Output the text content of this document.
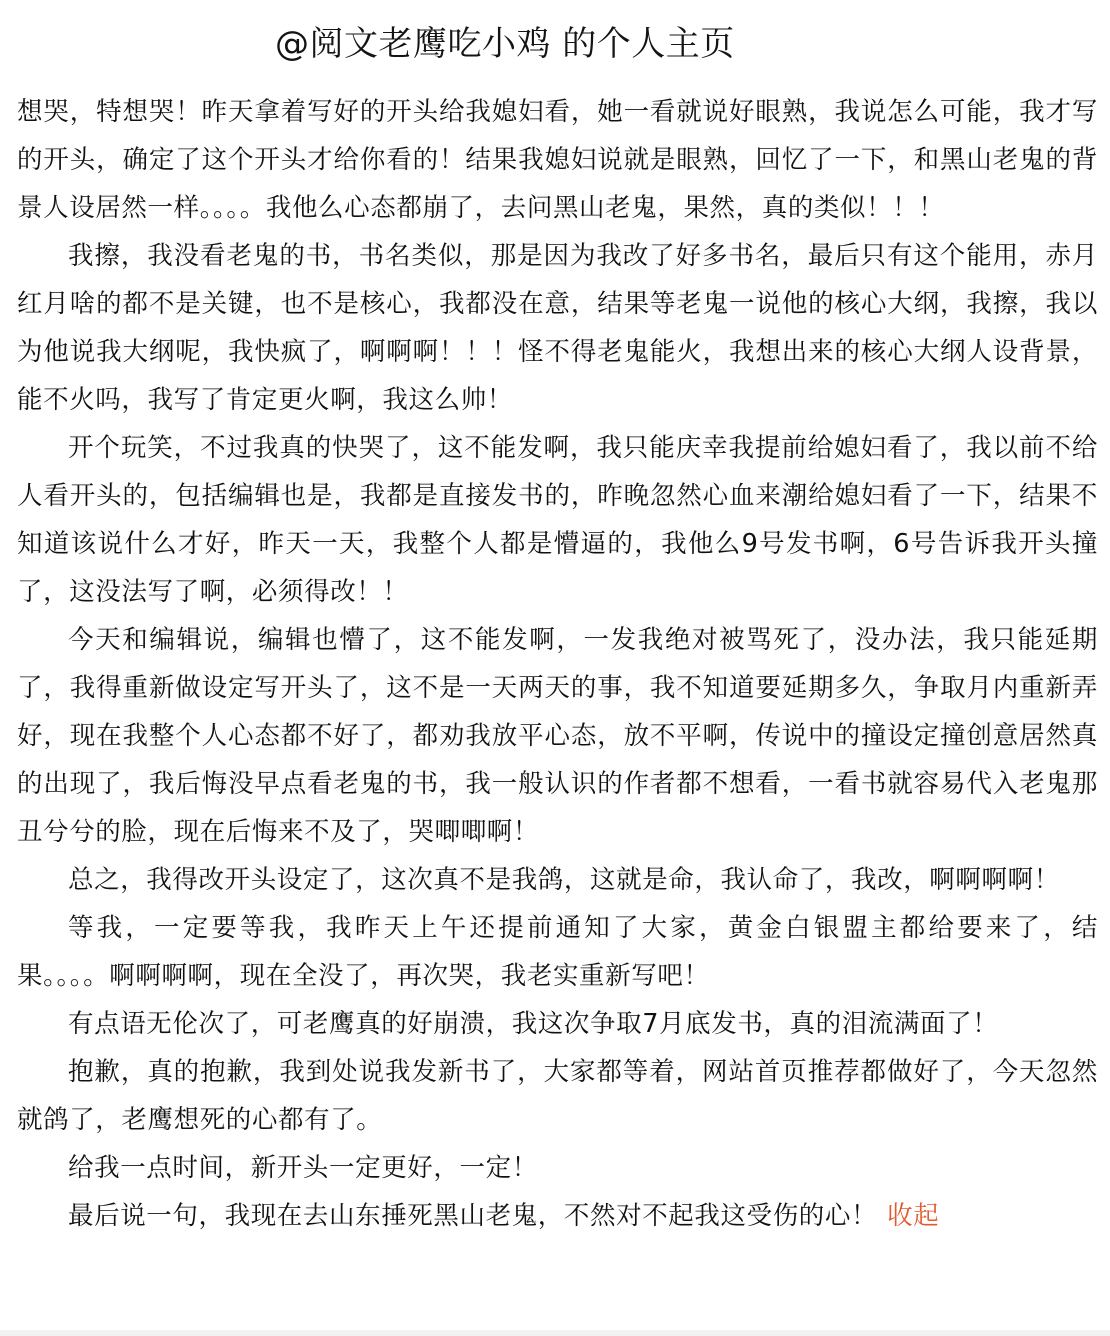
@阅文老鹰吃小鸡 的个人主页

想哭，特想哭！昨天拿着写好的开头给我媳妇看，她一看就说好眼熟，我说怎么可能，我才写的开头，确定了这个开头才给你看的！结果我媳妇说就是眼熟，回忆了一下，和黑山老鬼的背景人设居然一样。。。。我他么心态都崩了，去问黑山老鬼，果然，真的类似！！！

我擦，我没看老鬼的书，书名类似，那是因为我改了好多书名，最后只有这个能用，赤月红月啥的都不是关键，也不是核心，我都没在意，结果等老鬼一说他的核心大纲，我擦，我以为他说我大纲呢，我快疯了，啊啊啊！！！怪不得老鬼能火，我想出来的核心大纲人设背景，能不火吗，我写了肯定更火啊，我这么帅！

开个玩笑，不过我真的快哭了，这不能发啊，我只能庆幸我提前给媳妇看了，我以前不给人看开头的，包括编辑也是，我都是直接发书的，昨晚忽然心血来潮给媳妇看了一下，结果不知道该说什么才好，昨天一天，我整个人都是懵逼的，我他么9号发书啊，6号告诉我开头撞了，这没法写了啊，必须得改！！

今天和编辑说，编辑也懵了，这不能发啊，一发我绝对被骂死了，没办法，我只能延期了，我得重新做设定写开头了，这不是一天两天的事，我不知道要延期多久，争取月内重新弄好，现在我整个人心态都不好了，都劝我放平心态，放不平啊，传说中的撞设定撞创意居然真的出现了，我后悔没早点看老鬼的书，我一般认识的作者都不想看，一看书就容易代入老鬼那丑兮兮的脸，现在后悔来不及了，哭唧唧啊！

总之，我得改开头设定了，这次真不是我鸽，这就是命，我认命了，我改，啊啊啊啊！

等我，一定要等我，我昨天上午还提前通知了大家，黄金白银盟主都给要来了，结果。。。。啊啊啊啊，现在全没了，再次哭，我老实重新写吧！

有点语无伦次了，可老鹰真的好崩溃，我这次争取7月底发书，真的泪流满面了！

抱歉，真的抱歉，我到处说我发新书了，大家都等着，网站首页推荐都做好了，今天忽然就鸽了，老鹰想死的心都有了。

给我一点时间，新开头一定更好，一定！

最后说一句，我现在去山东捶死黑山老鬼，不然对不起我这受伤的心！ 收起
